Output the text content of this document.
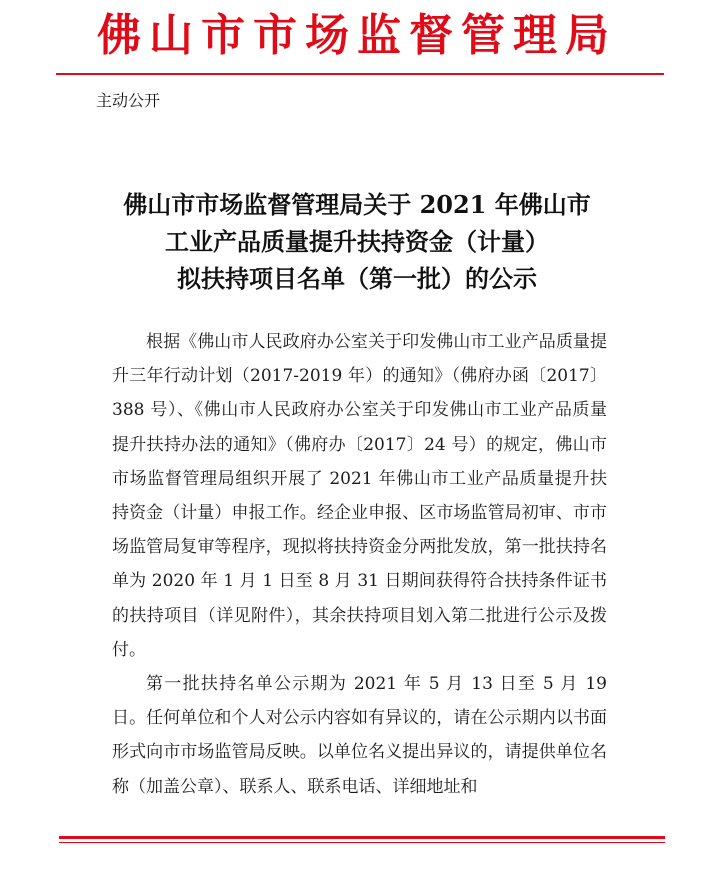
佛山市市场监督管理局
主动公开
佛山市市场监督管理局关于 2021 年佛山市
工业产品质量提升扶持资金（计量）
拟扶持项目名单（第一批）的公示

根据《佛山市人民政府办公室关于印发佛山市工业产品质量提升三年行动计划（2017-2019 年）的通知》（佛府办函〔2017〕388 号）、《佛山市人民政府办公室关于印发佛山市工业产品质量提升扶持办法的通知》（佛府办〔2017〕24 号）的规定，佛山市市场监督管理局组织开展了 2021 年佛山市工业产品质量提升扶持资金（计量）申报工作。经企业申报、区市场监管局初审、市市场监管局复审等程序，现拟将扶持资金分两批发放，第一批扶持名单为 2020 年 1 月 1 日至 8 月 31 日期间获得符合扶持条件证书的扶持项目（详见附件），其余扶持项目划入第二批进行公示及拨付。

第一批扶持名单公示期为 2021 年 5 月 13 日至 5 月 19 日。任何单位和个人对公示内容如有异议的，请在公示期内以书面形式向市市场监管局反映。以单位名义提出异议的，请提供单位名称（加盖公章）、联系人、联系电话、详细地址和
